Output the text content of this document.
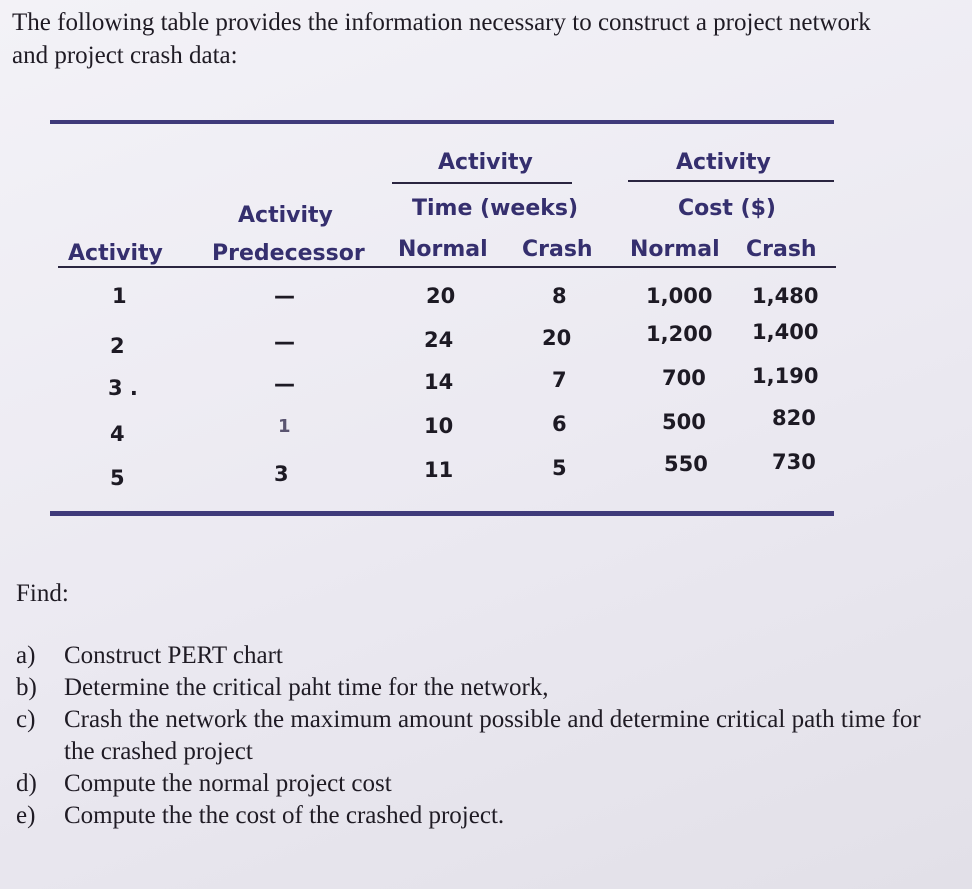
The following table provides the information necessary to construct a project network and project crash data:
Activity
Time (weeks)
Activity
Cost ($)
Activity
Activity Predecessor Normal Crash Normal Crash
1	—	20	8	1,000 1,480
2	—	24	20	1,200 1,400
3 .	—	14	7	700 1,190
4	1	10	6	500	820
5	3	11	5	550	730
Find:
a) Construct PERT chart
b) Determine the critical paht time for the network,
c) Crash the network the maximum amount possible and determine critical path time for the crashed project
d) Compute the normal project cost
e) Compute the the cost of the crashed project.
